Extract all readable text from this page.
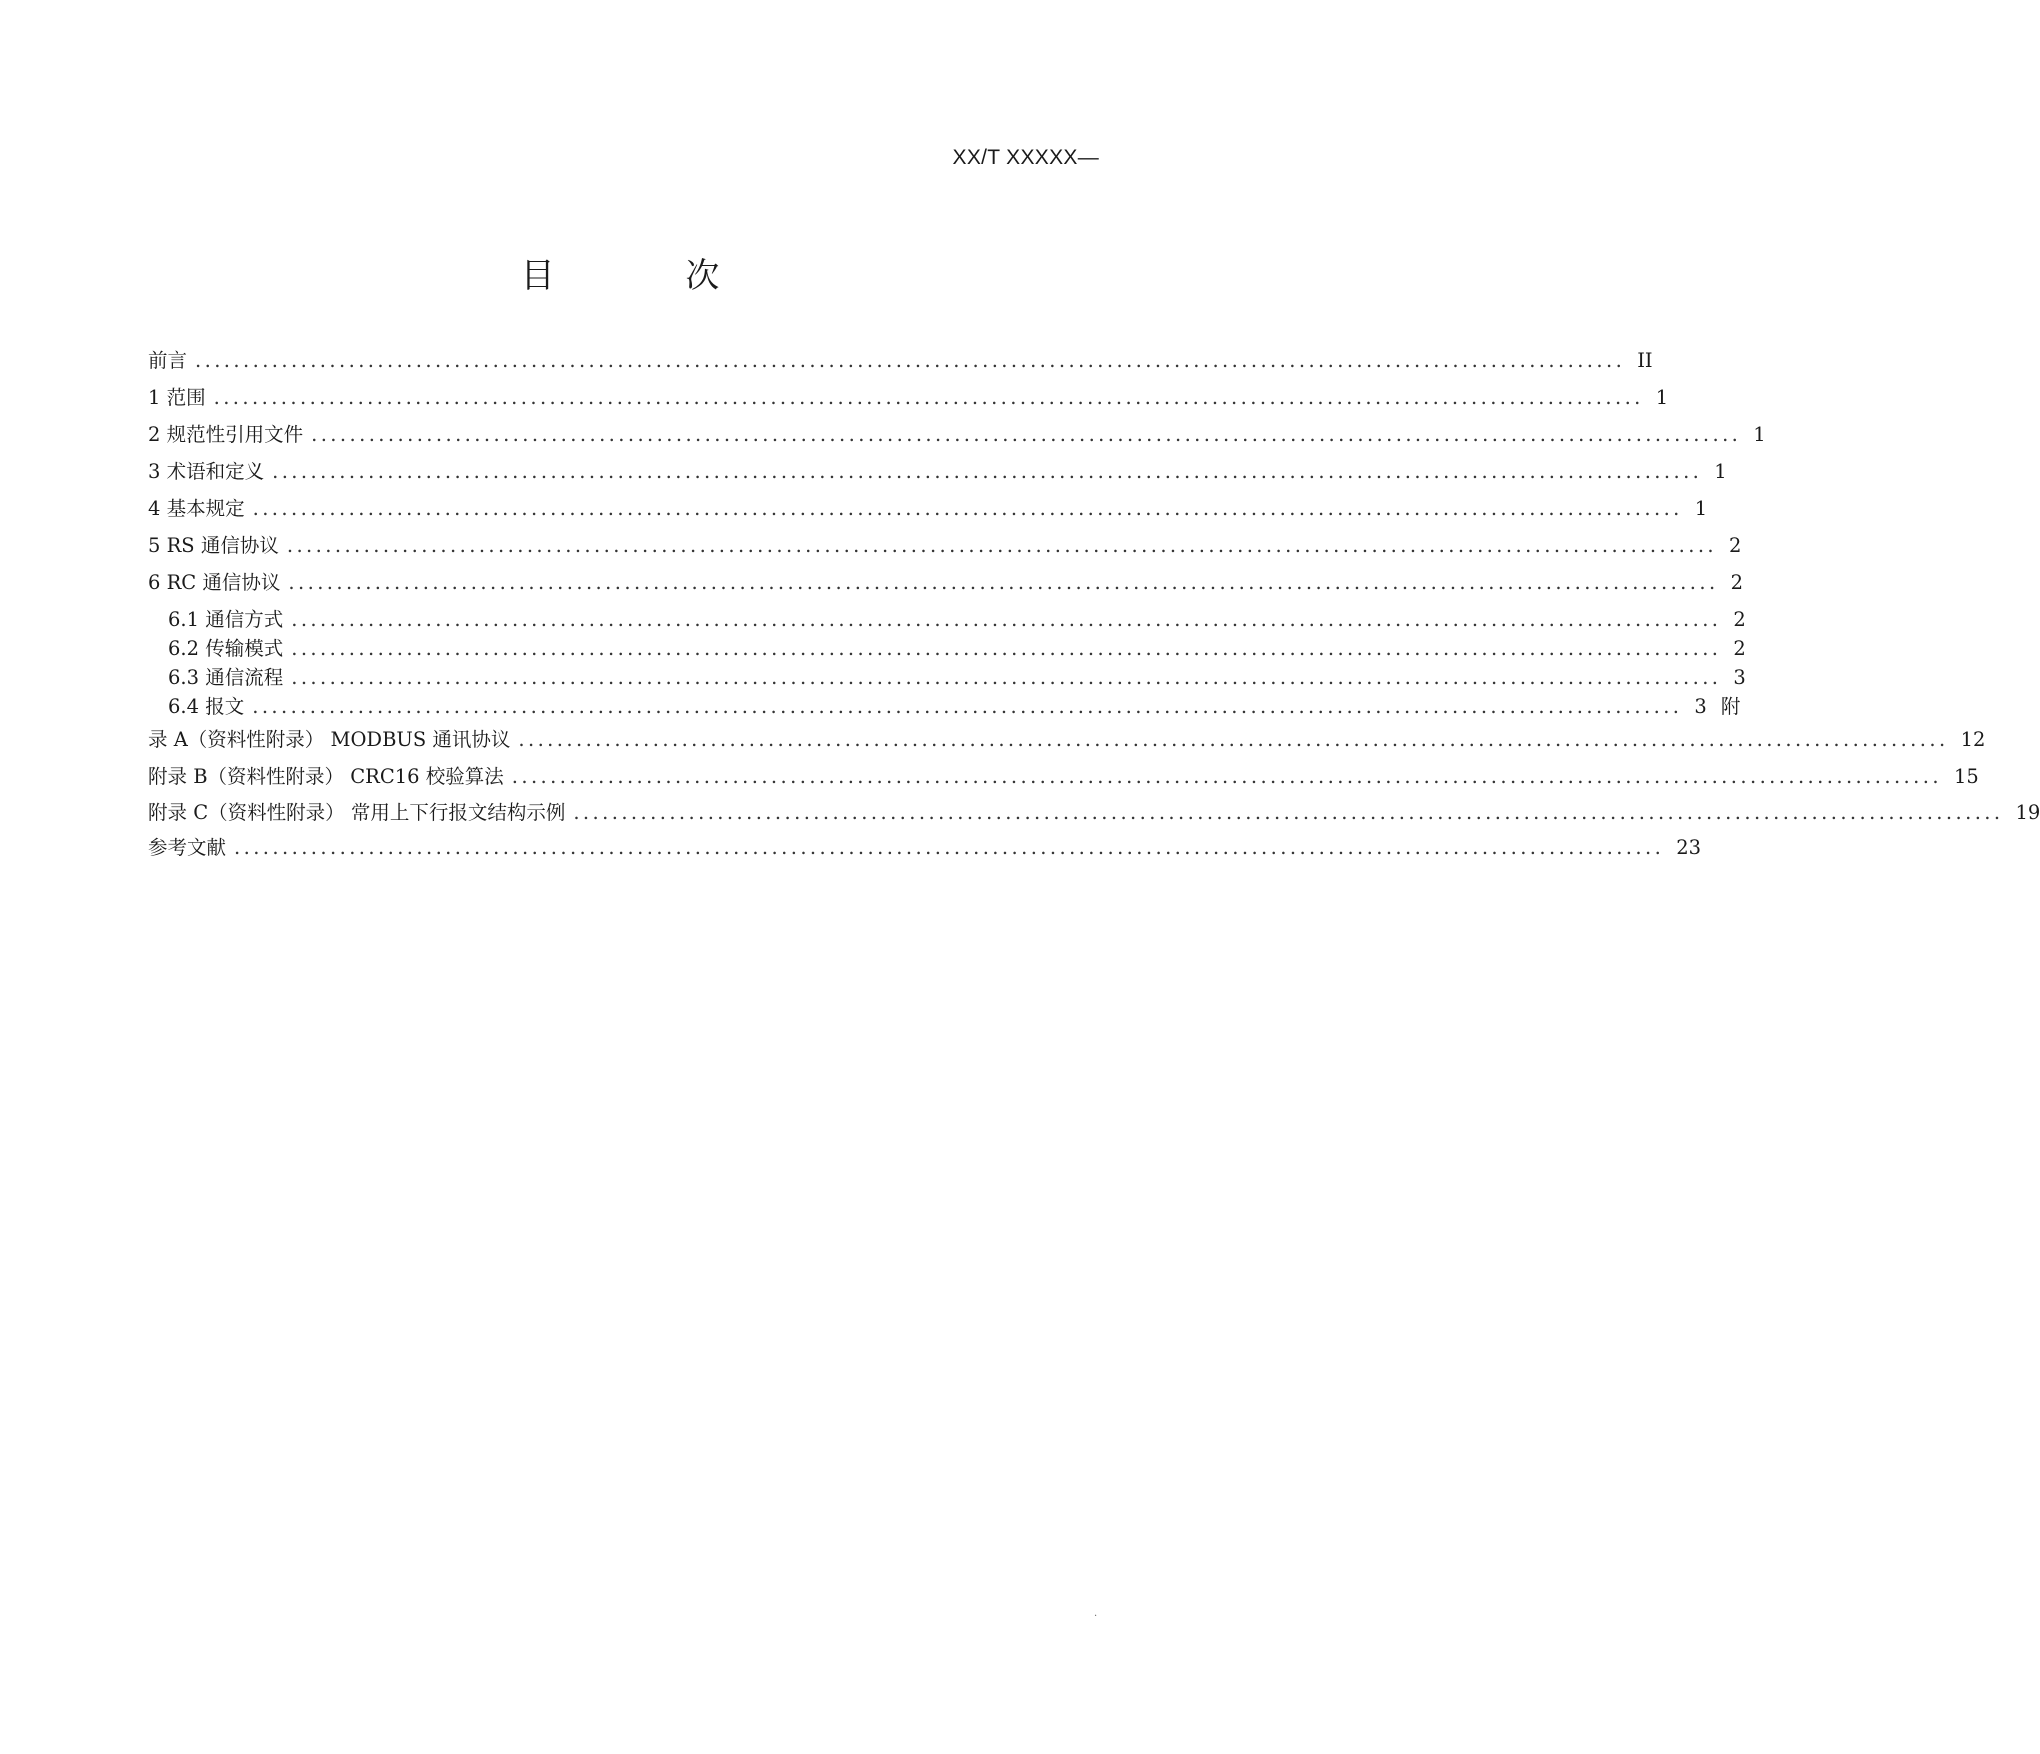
XX/T XXXXX—
目 次
前言 ..................................................................................................................................................... II
1 范围 ..................................................................................................................................................... 1
2 规范性引用文件 ..................................................................................................................................................... 1
3 术语和定义 ..................................................................................................................................................... 1
4 基本规定 ..................................................................................................................................................... 1
5 RS 通信协议 ..................................................................................................................................................... 2
6 RC 通信协议 ..................................................................................................................................................... 2
6.1 通信方式 ..................................................................................................................................................... 2
6.2 传输模式 ..................................................................................................................................................... 2
6.3 通信流程 ..................................................................................................................................................... 3
6.4 报文 ..................................................................................................................................................... 3 附
录 A（资料性附录） MODBUS 通讯协议 ..................................................................................................................................................... 12
附录 B（资料性附录） CRC16 校验算法 ..................................................................................................................................................... 15
附录 C（资料性附录） 常用上下行报文结构示例 ..................................................................................................................................................... 19
参考文献 ..................................................................................................................................................... 23
.
